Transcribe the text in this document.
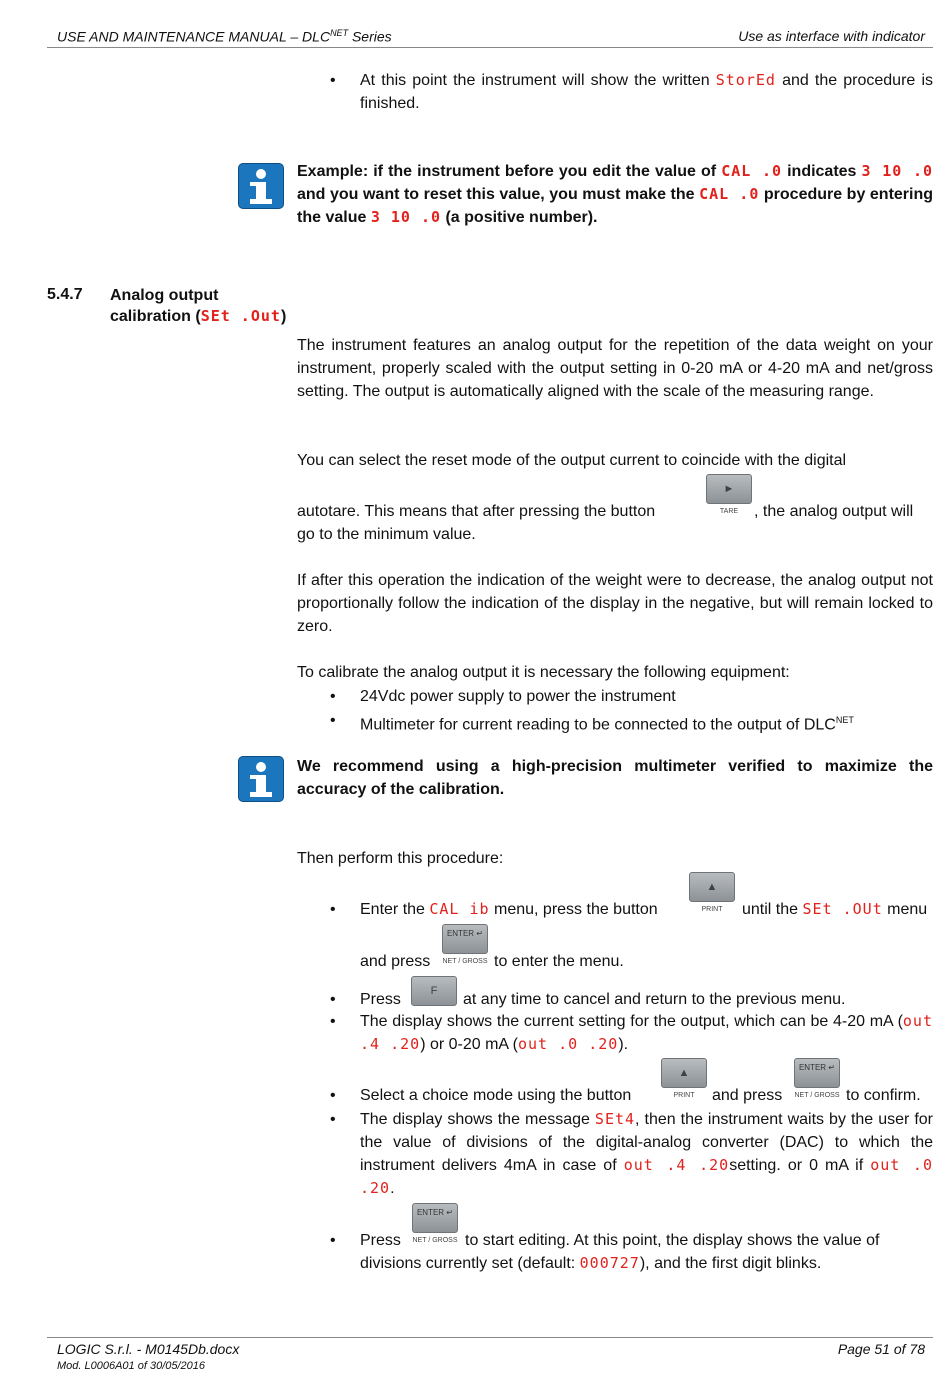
USE AND MAINTENANCE MANUAL – $DLC^{NET}$ Series	Use as interface with indicator
• At this point the instrument will show the written StorEd and the procedure is finished.
Example: if the instrument before you edit the value of CAL .0 indicates 3 10 .0 and you want to reset this value, you must make the CAL .0 procedure by entering the value 3 10 .0 (a positive number).
5.4.7 Analog output
calibration (SEt .Out)
The instrument features an analog output for the repetition of the data weight on your instrument, properly scaled with the output setting in 0-20 mA or 4-20 mA and net/gross setting. The output is automatically aligned with the scale of the measuring range.
You can select the reset mode of the output current to coincide with the digital
autotare. This means that after pressing the button
►
TARE , the analog output will
go to the minimum value.
If after this operation the indication of the weight were to decrease, the analog output not proportionally follow the indication of the display in the negative, but will remain locked to zero.
To calibrate the analog output it is necessary the following equipment:
• 24Vdc power supply to power the instrument
• Multimeter for current reading to be connected to the output of $DLC^{NET}$
We recommend using a high-precision multimeter verified to maximize the accuracy of the calibration.
Then perform this procedure:
• Enter the CAL ib menu, press the button
▲
PRINT	until the SEt .OUt menu
and press
ENTER ↵
NET / GROSS to enter the menu.
• Press	F	at any time to cancel and return to the previous menu.
• The display shows the current setting for the output, which can be 4-20 mA (out .4 .20) or 0-20 mA (out .0 .20).
• Select a choice mode using the button
▲
PRINT	and press
ENTER ↵
NET / GROSS to confirm.
• The display shows the message SEt4, then the instrument waits by the user for the value of divisions of the digital-analog converter (DAC) to which the instrument delivers 4mA in case of out .4 .20setting. or 0 mA if out .0 .20.
• Press
ENTER ↵
NET / GROSS to start editing. At this point, the display shows the value of
divisions currently set (default: 000727), and the first digit blinks.
LOGIC S.r.l. - M0145Db.docx	Page 51 of 78
Mod. L0006A01 of 30/05/2016
